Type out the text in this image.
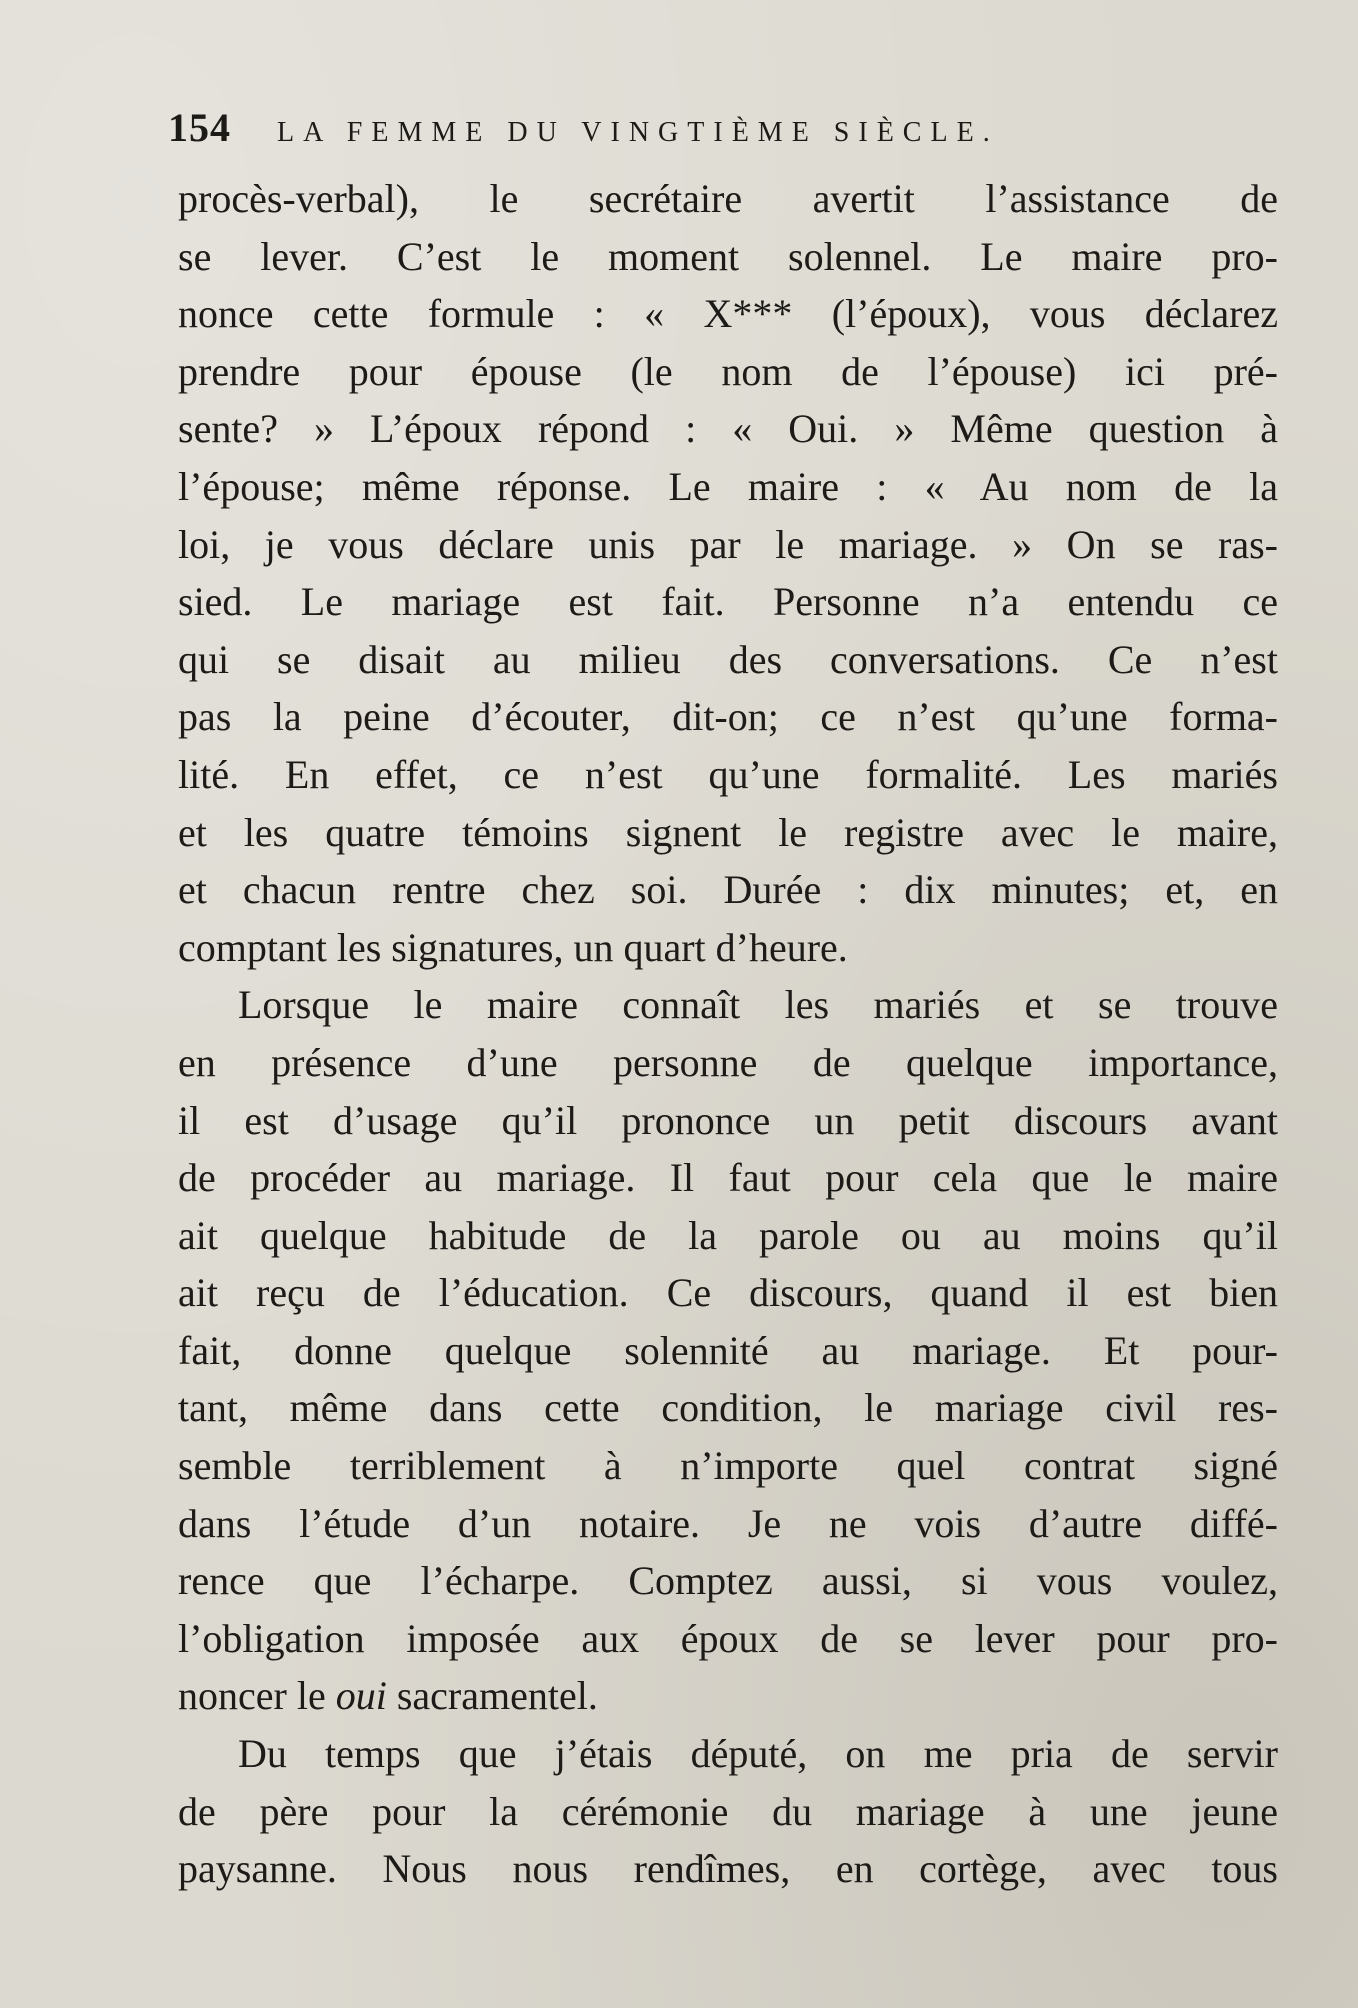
154 LA FEMME DU VINGTIÈME SIÈCLE.
procès-verbal), le secrétaire avertit l’assistance de
se lever. C’est le moment solennel. Le maire pro-
nonce cette formule : « X*** (l’époux), vous déclarez
prendre pour épouse (le nom de l’épouse) ici pré-
sente? » L’époux répond : « Oui. » Même question à
l’épouse; même réponse. Le maire : « Au nom de la
loi, je vous déclare unis par le mariage. » On se ras-
sied. Le mariage est fait. Personne n’a entendu ce
qui se disait au milieu des conversations. Ce n’est
pas la peine d’écouter, dit-on; ce n’est qu’une forma-
lité. En effet, ce n’est qu’une formalité. Les mariés
et les quatre témoins signent le registre avec le maire,
et chacun rentre chez soi. Durée : dix minutes; et, en
comptant les signatures, un quart d’heure.
Lorsque le maire connaît les mariés et se trouve
en présence d’une personne de quelque importance,
il est d’usage qu’il prononce un petit discours avant
de procéder au mariage. Il faut pour cela que le maire
ait quelque habitude de la parole ou au moins qu’il
ait reçu de l’éducation. Ce discours, quand il est bien
fait, donne quelque solennité au mariage. Et pour-
tant, même dans cette condition, le mariage civil res-
semble terriblement à n’importe quel contrat signé
dans l’étude d’un notaire. Je ne vois d’autre diffé-
rence que l’écharpe. Comptez aussi, si vous voulez,
l’obligation imposée aux époux de se lever pour pro-
noncer le oui sacramentel.
Du temps que j’étais député, on me pria de servir
de père pour la cérémonie du mariage à une jeune
paysanne. Nous nous rendîmes, en cortège, avec tous
